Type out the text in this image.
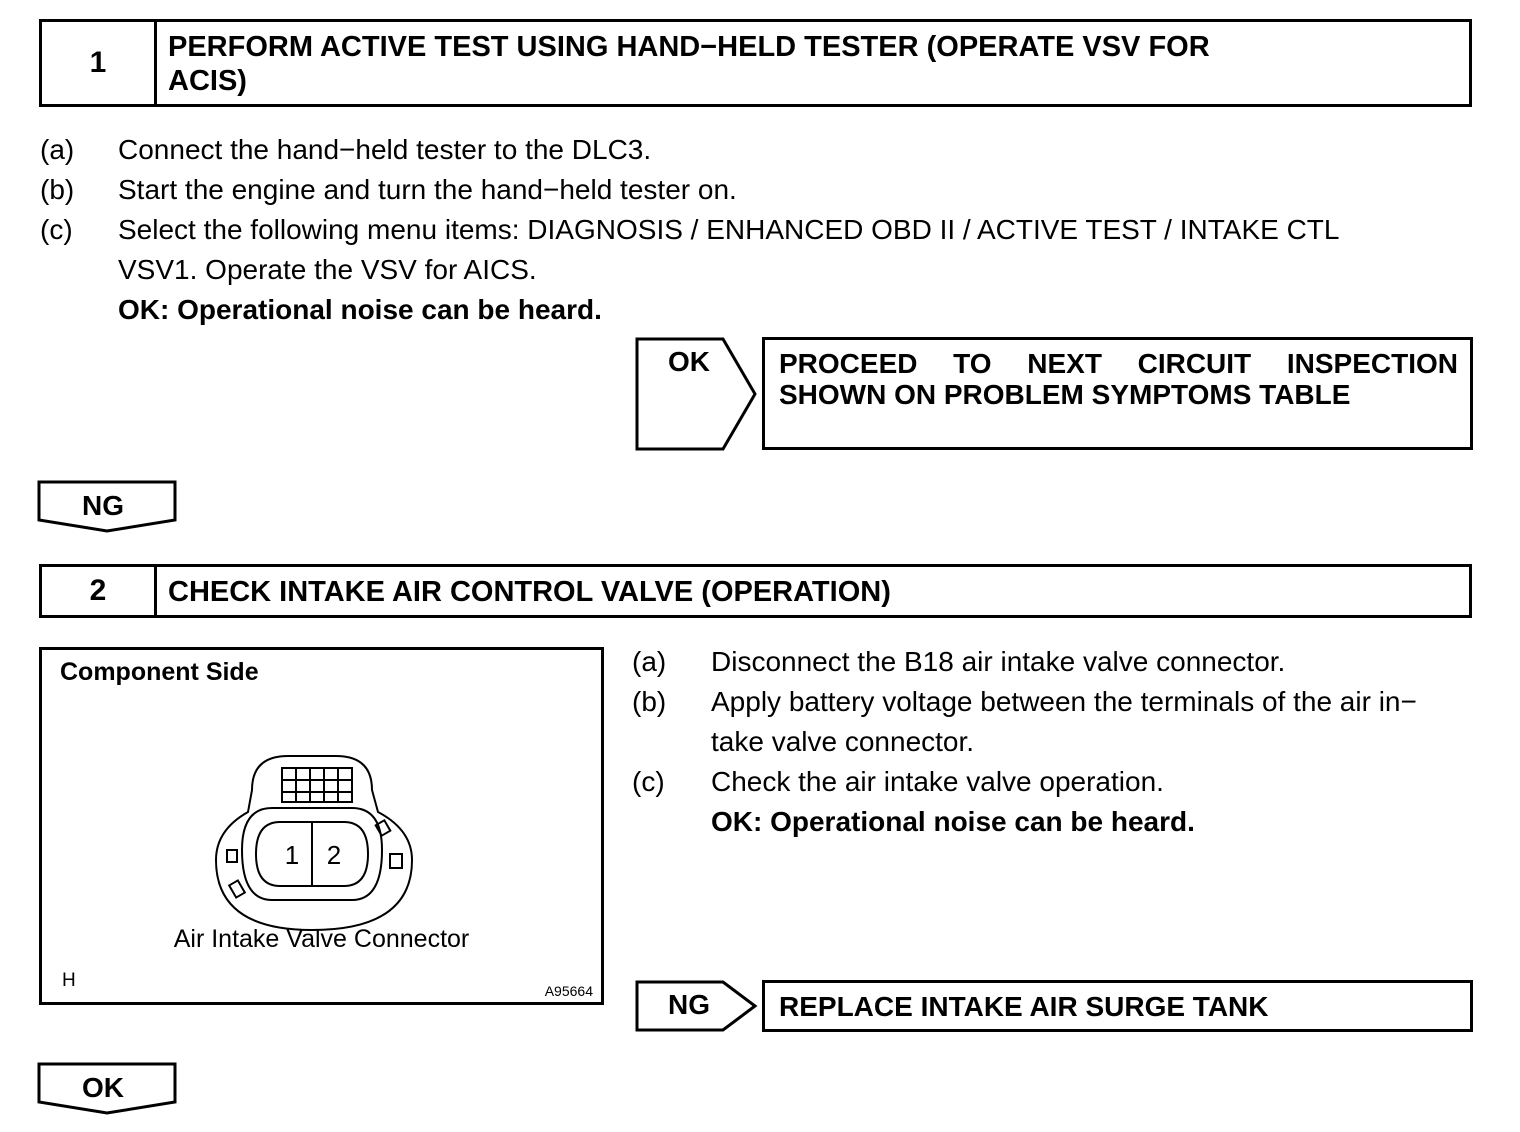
1	PERFORM ACTIVE TEST USING HAND−HELD TESTER (OPERATE VSV FOR
ACIS)
(a) Connect the hand−held tester to the DLC3.
(b) Start the engine and turn the hand−held tester on.
(c) Select the following menu items: DIAGNOSIS / ENHANCED OBD II / ACTIVE TEST / INTAKE CTL
VSV1. Operate the VSV for AICS.
OK: Operational noise can be heard.
OK PROCEED TO NEXT CIRCUIT INSPECTION
SHOWN ON PROBLEM SYMPTOMS TABLE
NG
2	CHECK INTAKE AIR CONTROL VALVE (OPERATION)
Component Side
1 2
Air Intake Valve Connector
H	A95664
(a) Disconnect the B18 air intake valve connector.
(b) Apply battery voltage between the terminals of the air in−
take valve connector.
(c) Check the air intake valve operation.
OK: Operational noise can be heard.
NG REPLACE INTAKE AIR SURGE TANK
OK
